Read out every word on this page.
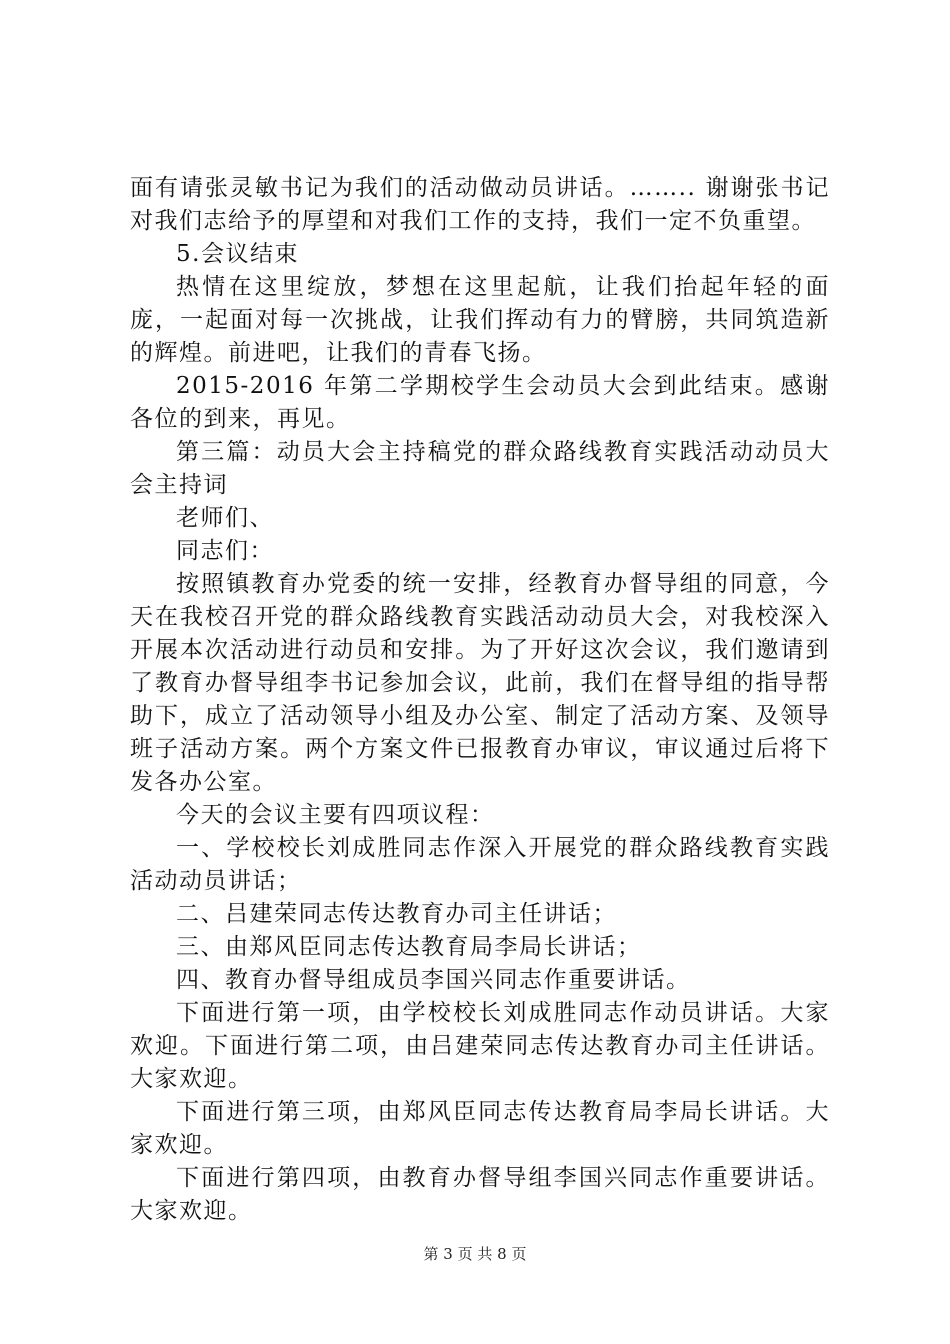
面有请张灵敏书记为我们的活动做动员讲话。…….. 谢谢张书记对我们志给予的厚望和对我们工作的支持，我们一定不负重望。

5.会议结束

热情在这里绽放，梦想在这里起航，让我们抬起年轻的面庞，一起面对每一次挑战，让我们挥动有力的臂膀，共同筑造新的辉煌。前进吧，让我们的青春飞扬。

2015-2016 年第二学期校学生会动员大会到此结束。感谢各位的到来，再见。

第三篇：动员大会主持稿党的群众路线教育实践活动动员大会主持词

老师们、

同志们：

按照镇教育办党委的统一安排，经教育办督导组的同意，今天在我校召开党的群众路线教育实践活动动员大会，对我校深入开展本次活动进行动员和安排。为了开好这次会议，我们邀请到了教育办督导组李书记参加会议，此前，我们在督导组的指导帮助下，成立了活动领导小组及办公室、制定了活动方案、及领导班子活动方案。两个方案文件已报教育办审议，审议通过后将下发各办公室。

今天的会议主要有四项议程：

一、学校校长刘成胜同志作深入开展党的群众路线教育实践活动动员讲话；

二、吕建荣同志传达教育办司主任讲话；

三、由郑风臣同志传达教育局李局长讲话；

四、教育办督导组成员李国兴同志作重要讲话。

下面进行第一项，由学校校长刘成胜同志作动员讲话。大家欢迎。下面进行第二项，由吕建荣同志传达教育办司主任讲话。大家欢迎。

下面进行第三项，由郑风臣同志传达教育局李局长讲话。大家欢迎。

下面进行第四项，由教育办督导组李国兴同志作重要讲话。大家欢迎。

第 3 页 共 8 页
